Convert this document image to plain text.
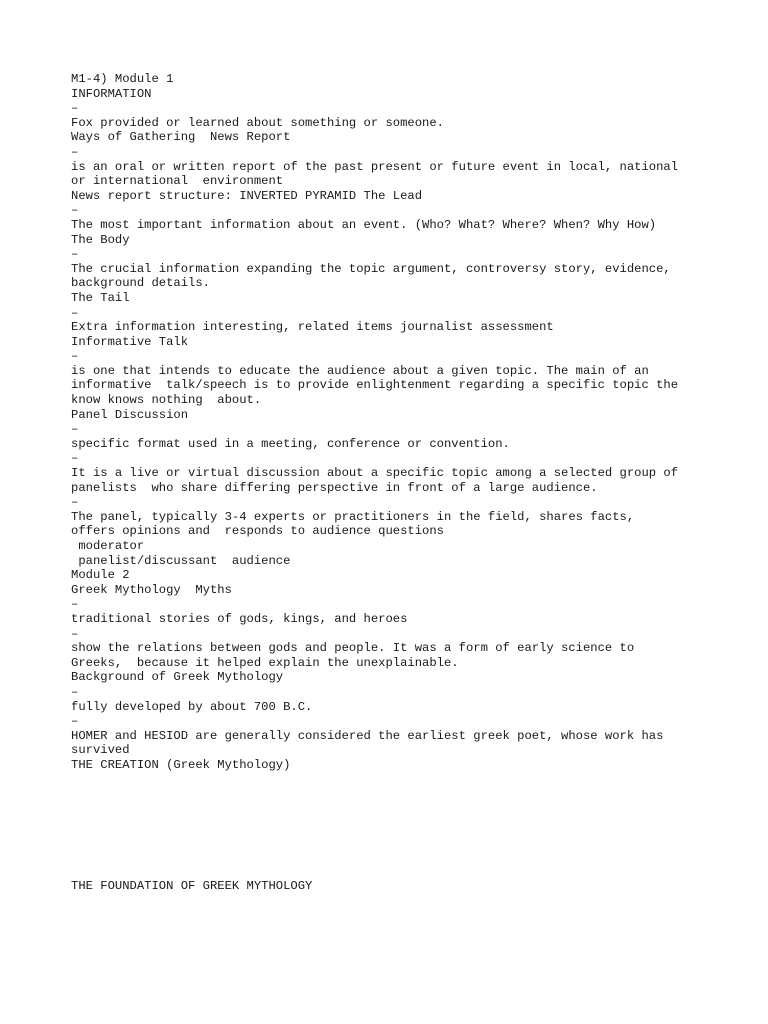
M1-4) Module 1
INFORMATION
–
Fox provided or learned about something or someone.
Ways of Gathering  News Report
–
is an oral or written report of the past present or future event in local, national
or international  environment
News report structure: INVERTED PYRAMID The Lead
–
The most important information about an event. (Who? What? Where? When? Why How)
The Body
–
The crucial information expanding the topic argument, controversy story, evidence,
background details.
The Tail
–
Extra information interesting, related items journalist assessment
Informative Talk
–
is one that intends to educate the audience about a given topic. The main of an
informative  talk/speech is to provide enlightenment regarding a specific topic the
know knows nothing  about.
Panel Discussion
–
specific format used in a meeting, conference or convention.
–
It is a live or virtual discussion about a specific topic among a selected group of
panelists  who share differing perspective in front of a large audience.
–
The panel, typically 3-4 experts or practitioners in the field, shares facts,
offers opinions and  responds to audience questions
moderator
panelist/discussant  audience
Module 2
Greek Mythology  Myths
–
traditional stories of gods, kings, and heroes
–
show the relations between gods and people. It was a form of early science to
Greeks,  because it helped explain the unexplainable.
Background of Greek Mythology
–
fully developed by about 700 B.C.
–
HOMER and HESIOD are generally considered the earliest greek poet, whose work has
survived
THE CREATION (Greek Mythology)
THE FOUNDATION OF GREEK MYTHOLOGY
